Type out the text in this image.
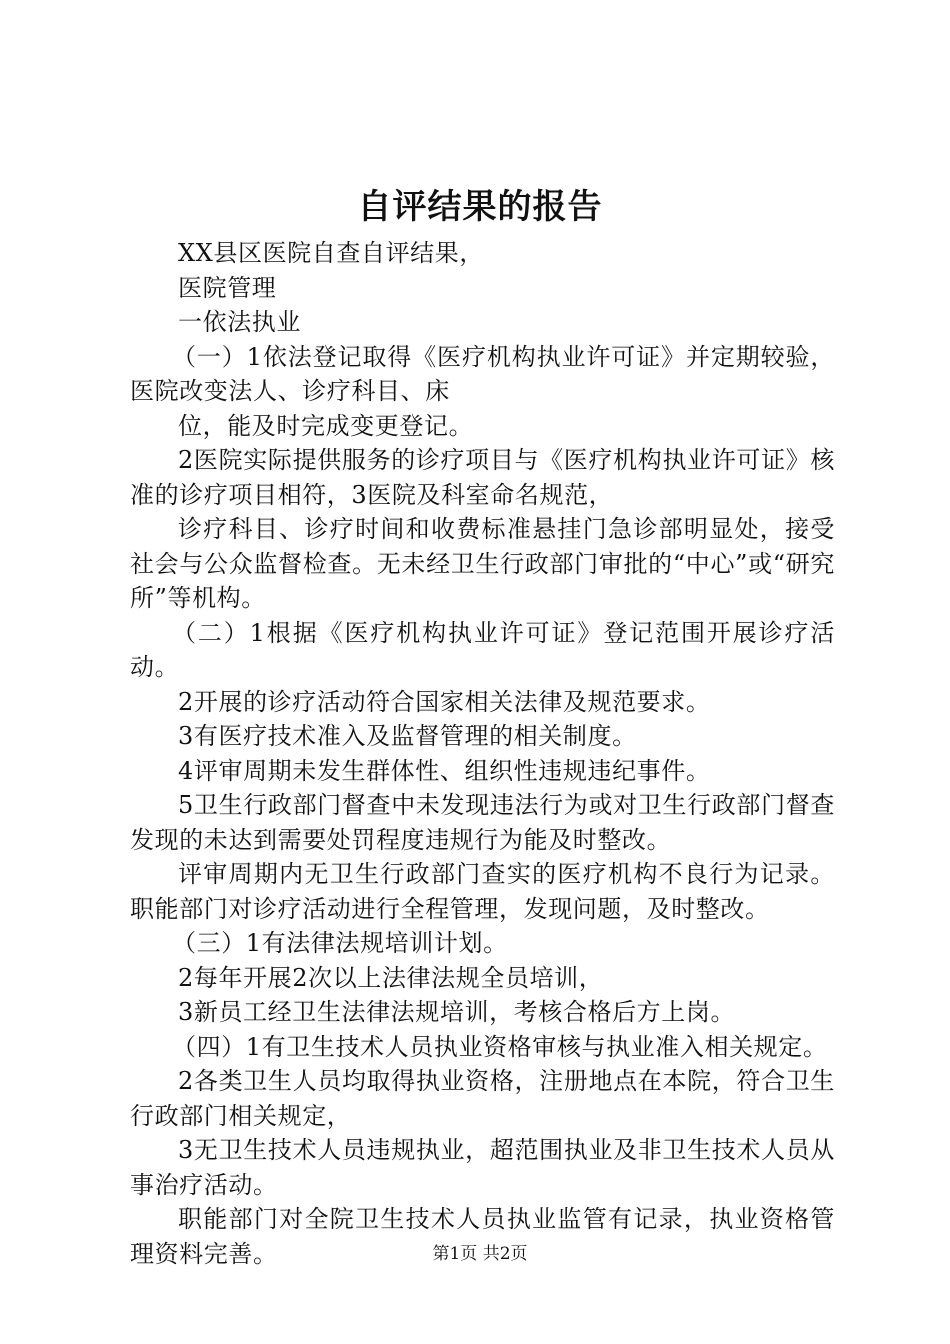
自评结果的报告

XX县区医院自查自评结果，

医院管理

一依法执业

（一）1依法登记取得《医疗机构执业许可证》并定期较验，医院改变法人、诊疗科目、床

位，能及时完成变更登记。

2医院实际提供服务的诊疗项目与《医疗机构执业许可证》核准的诊疗项目相符，3医院及科室命名规范，

诊疗科目、诊疗时间和收费标准悬挂门急诊部明显处，接受社会与公众监督检查。无未经卫生行政部门审批的“中心”或“研究所”等机构。

（二）1根据《医疗机构执业许可证》登记范围开展诊疗活动。

2开展的诊疗活动符合国家相关法律及规范要求。

3有医疗技术准入及监督管理的相关制度。

4评审周期未发生群体性、组织性违规违纪事件。

5卫生行政部门督查中未发现违法行为或对卫生行政部门督查发现的未达到需要处罚程度违规行为能及时整改。

评审周期内无卫生行政部门查实的医疗机构不良行为记录。职能部门对诊疗活动进行全程管理，发现问题，及时整改。

（三）1有法律法规培训计划。

2每年开展2次以上法律法规全员培训，

3新员工经卫生法律法规培训，考核合格后方上岗。

（四）1有卫生技术人员执业资格审核与执业准入相关规定。

2各类卫生人员均取得执业资格，注册地点在本院，符合卫生行政部门相关规定，

3无卫生技术人员违规执业，超范围执业及非卫生技术人员从事治疗活动。

职能部门对全院卫生技术人员执业监管有记录，执业资格管理资料完善。	第1页 共2页
